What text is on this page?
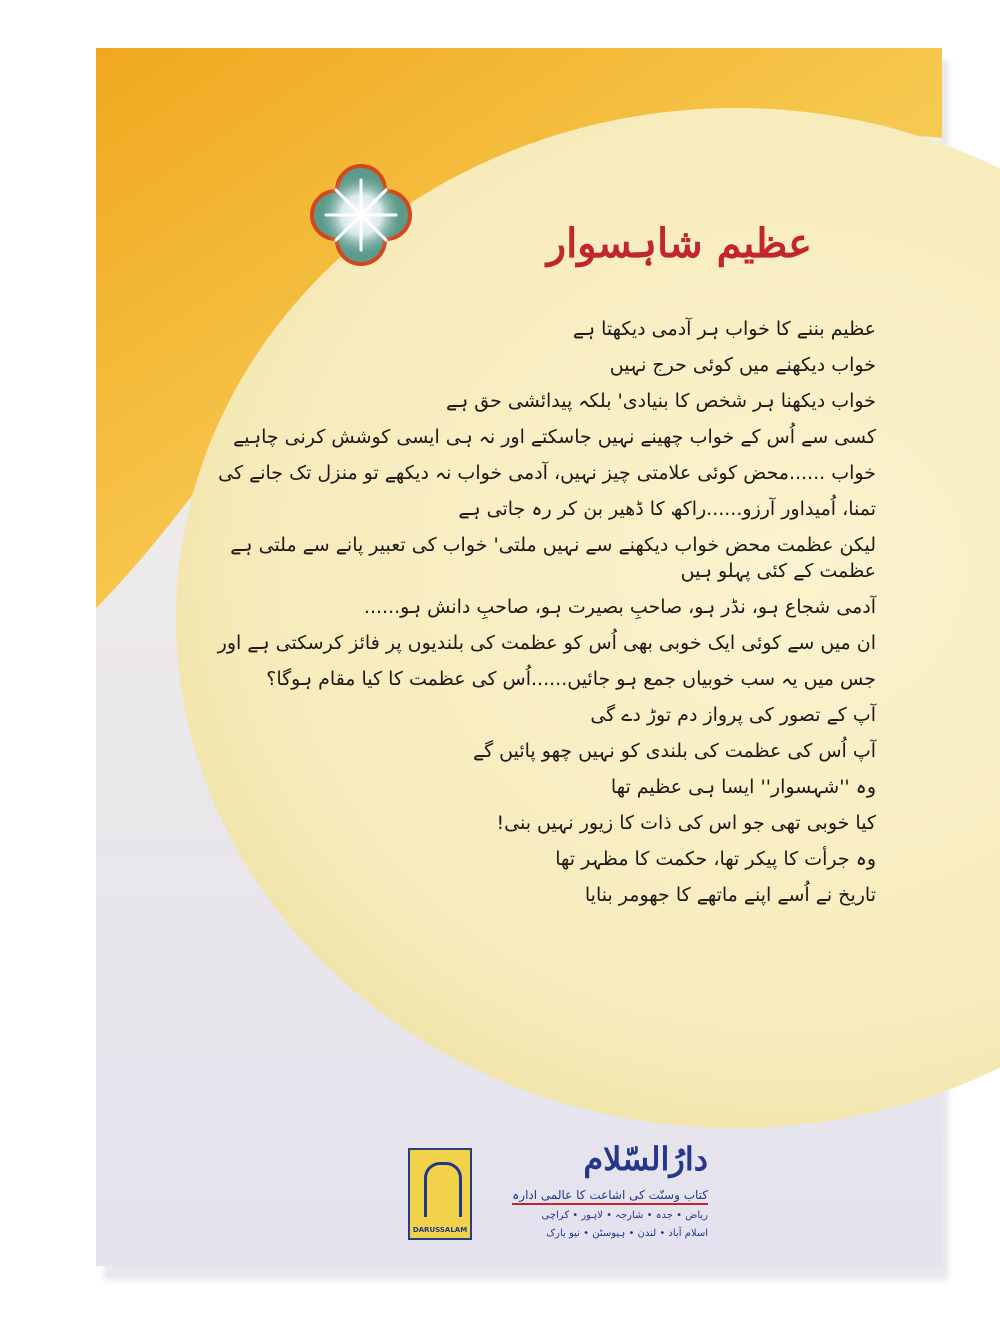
عظیم شاہسوار
عظیم بننے کا خواب ہر آدمی دیکھتا ہے
خواب دیکھنے میں کوئی حرج نہیں
خواب دیکھنا ہر شخص کا بنیادی' بلکہ پیدائشی حق ہے
کسی سے اُس کے خواب چھینے نہیں جاسکتے اور نہ ہی ایسی کوشش کرنی چاہیے
خواب ......محض کوئی علامتی چیز نہیں، آدمی خواب نہ دیکھے تو منزل تک جانے کی
تمنا، اُمیداور آرزو......راکھ کا ڈھیر بن کر رہ جاتی ہے
لیکن عظمت محض خواب دیکھنے سے نہیں ملتی' خواب کی تعبیر پانے سے ملتی ہے
عظمت کے کئی پہلو ہیں
آدمی شجاع ہو، نڈر ہو، صاحبِ بصیرت ہو، صاحبِ دانش ہو......
ان میں سے کوئی ایک خوبی بھی اُس کو عظمت کی بلندیوں پر فائز کرسکتی ہے اور
جس میں یہ سب خوبیاں جمع ہو جائیں......اُس کی عظمت کا کیا مقام ہوگا؟
آپ کے تصور کی پرواز دم توڑ دے گی
آپ اُس کی عظمت کی بلندی کو نہیں چھو پائیں گے
وہ ''شہسوار'' ایسا ہی عظیم تھا
کیا خوبی تھی جو اس کی ذات کا زیور نہیں بنی!
وہ جرأت کا پیکر تھا، حکمت کا مظہر تھا
تاریخ نے اُسے اپنے ماتھے کا جھومر بنایا
DARUSSALAM
دارُالسّلام
کتاب وسنّت کی اشاعت کا عالمی ادارہ
ریاض • جدہ • شارجہ • لاہور • کراچی
اسلام آباد • لندن • ہیوسٹن • نیو یارک
